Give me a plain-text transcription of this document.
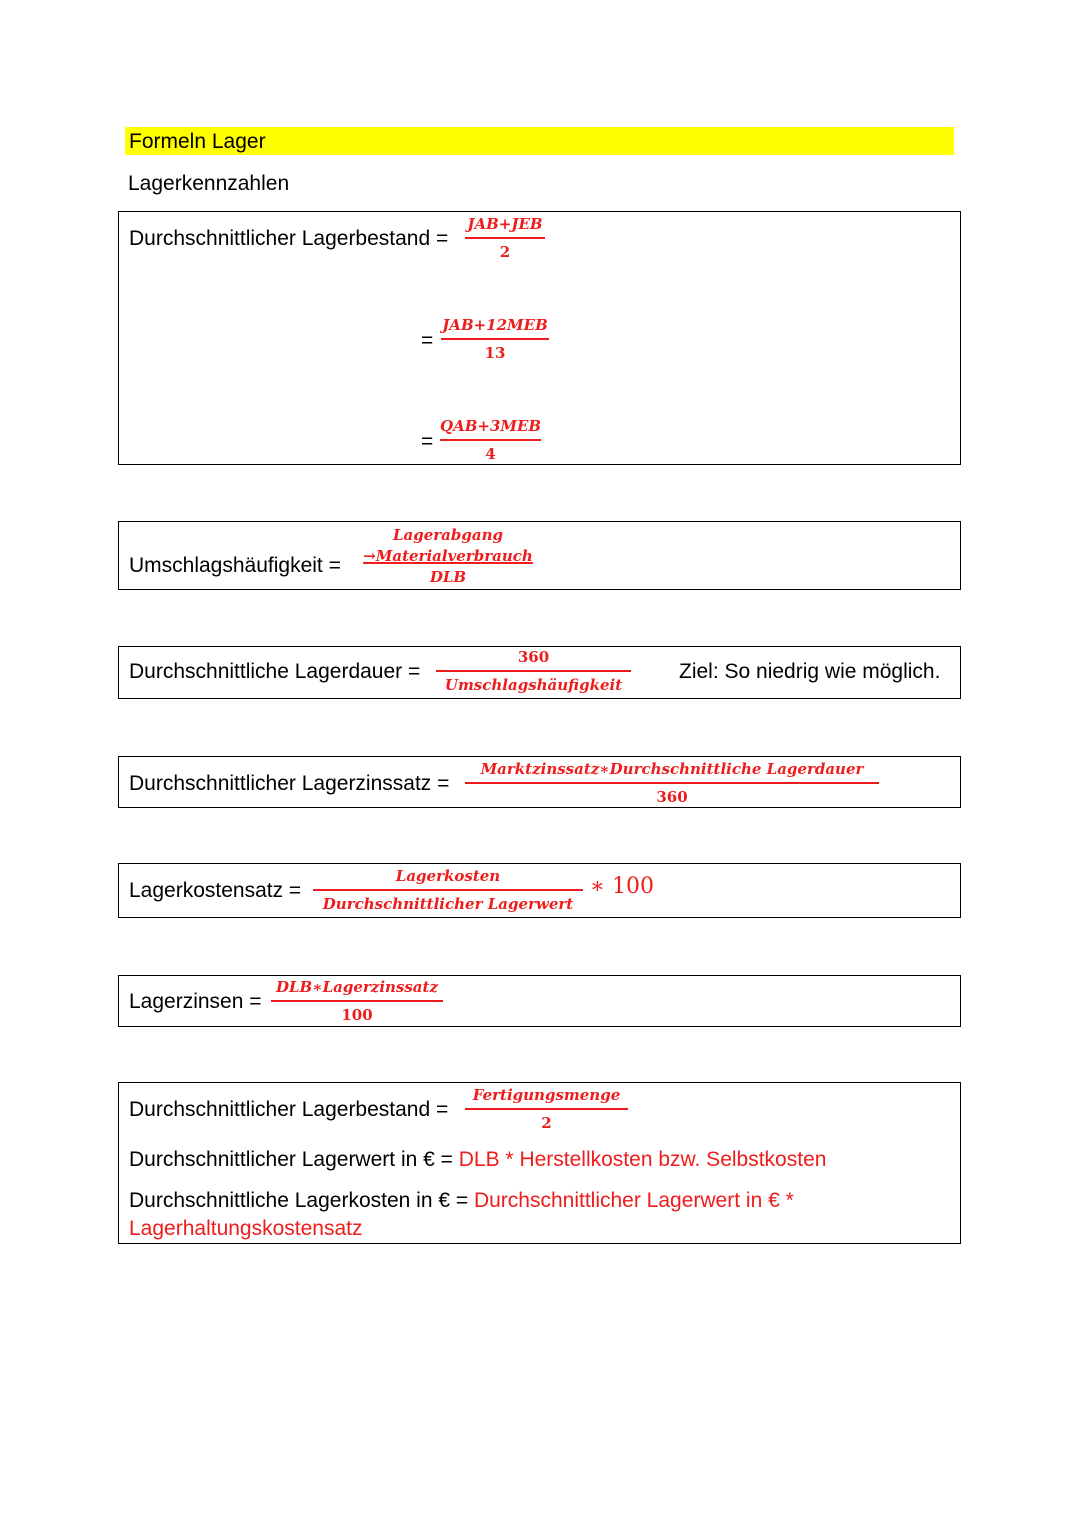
Formeln Lager
Lagerkennzahlen
Durchschnittlicher Lagerbestand =
JAB+JEB
2
=
JAB+12MEB
13
=
QAB+3MEB
4
Umschlagshäufigkeit =
Lagerabgang
→Materialverbrauch
DLB
Durchschnittliche Lagerdauer =
360
Umschlagshäufigkeit
Ziel: So niedrig wie möglich.
Durchschnittlicher Lagerzinssatz =
Marktzinssatz∗Durchschnittliche Lagerdauer
360
Lagerkostensatz =
Lagerkosten
Durchschnittlicher Lagerwert
∗ 100
Lagerzinsen =
DLB∗Lagerzinssatz
100
Durchschnittlicher Lagerbestand =
Fertigungsmenge
2
Durchschnittlicher Lagerwert in € = DLB * Herstellkosten bzw. Selbstkosten
Durchschnittliche Lagerkosten in € = Durchschnittlicher Lagerwert in € *
Lagerhaltungskostensatz
